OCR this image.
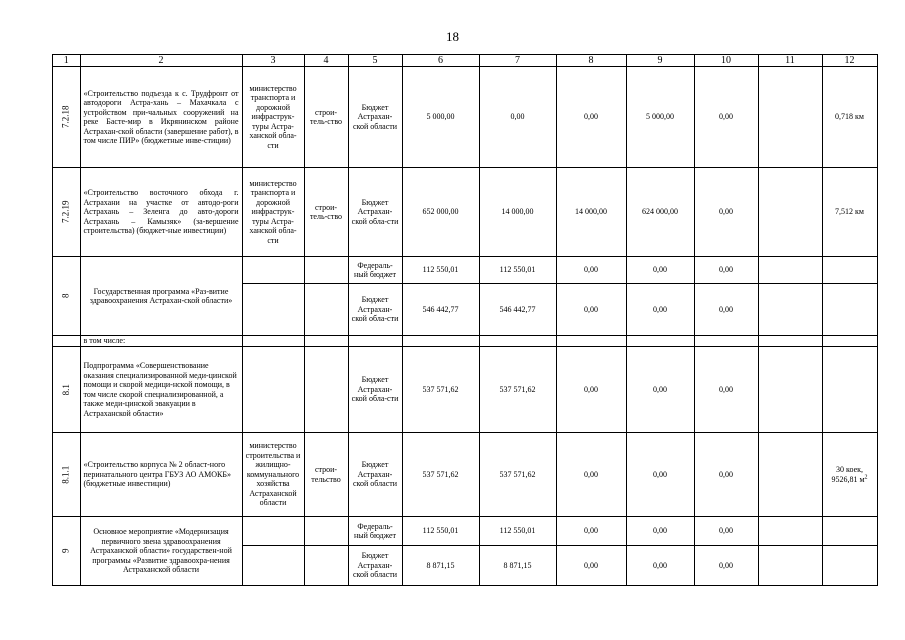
18
1	2	3	4	5	6	7	8	9	10	11	12
7.2.18	«Строительство подъезда к с. Трудфронт от автодороги Астра-хань – Махачкала с устройством при-чальных сооружений на реке Басте-мир в Икрянинском районе Астрахан-ской области (завершение работ), в том числе ПИР» (бюджетные инве-стиции)	министерство транспорта и дорожной инфраструк-туры Астра-ханской обла-сти	строи-тель-ство	Бюджет Астрахан-ской области	5 000,00	0,00	0,00	5 000,00	0,00		0,718 км
7.2.19	«Строительство восточного обхода г. Астрахани на участке от автодо-роги Астрахань – Зеленга до авто-дороги Астрахань – Камызяк» (за-вершение строительства) (бюджет-ные инвестиции)	министерство транспорта и дорожной инфраструк-туры Астра-ханской обла-сти	строи-тель-ство	Бюджет Астрахан-ской обла-сти	652 000,00	14 000,00	14 000,00	624 000,00	0,00		7,512 км
8	Государственная программа «Раз-витие здравоохранения Астрахан-ской области»			Федераль-ный бюджет	112 550,01	112 550,01	0,00	0,00	0,00		
				Бюджет Астрахан-ской обла-сти	546 442,77	546 442,77	0,00	0,00	0,00		
	в том числе:										
8.1	Подпрограмма «Совершенствование оказания специализированной меди-цинской помощи и скорой медици-нской помощи, в том числе скорой специализированной, а также меди-цинской эвакуации в Астраханской области»			Бюджет Астрахан-ской обла-сти	537 571,62	537 571,62	0,00	0,00	0,00		
8.1.1	«Строительство корпуса № 2 област-ного перинатального центра ГБУЗ АО АМОКБ» (бюджетные инвестиции)	министерство строительства и жилищно-коммунального хозяйства Астраханской области	строи-тельство	Бюджет Астрахан-ской области	537 571,62	537 571,62	0,00	0,00	0,00		30 коек,
9526,81 $м^2$
9	Основное мероприятие «Модернизация первичного звена здравоохранения Астраханской области» государствен-ной программы «Развитие здравоохра-нения Астраханской области			Федераль-ный бюджет	112 550,01	112 550,01	0,00	0,00	0,00		
				Бюджет Астрахан-ской области	8 871,15	8 871,15	0,00	0,00	0,00		
